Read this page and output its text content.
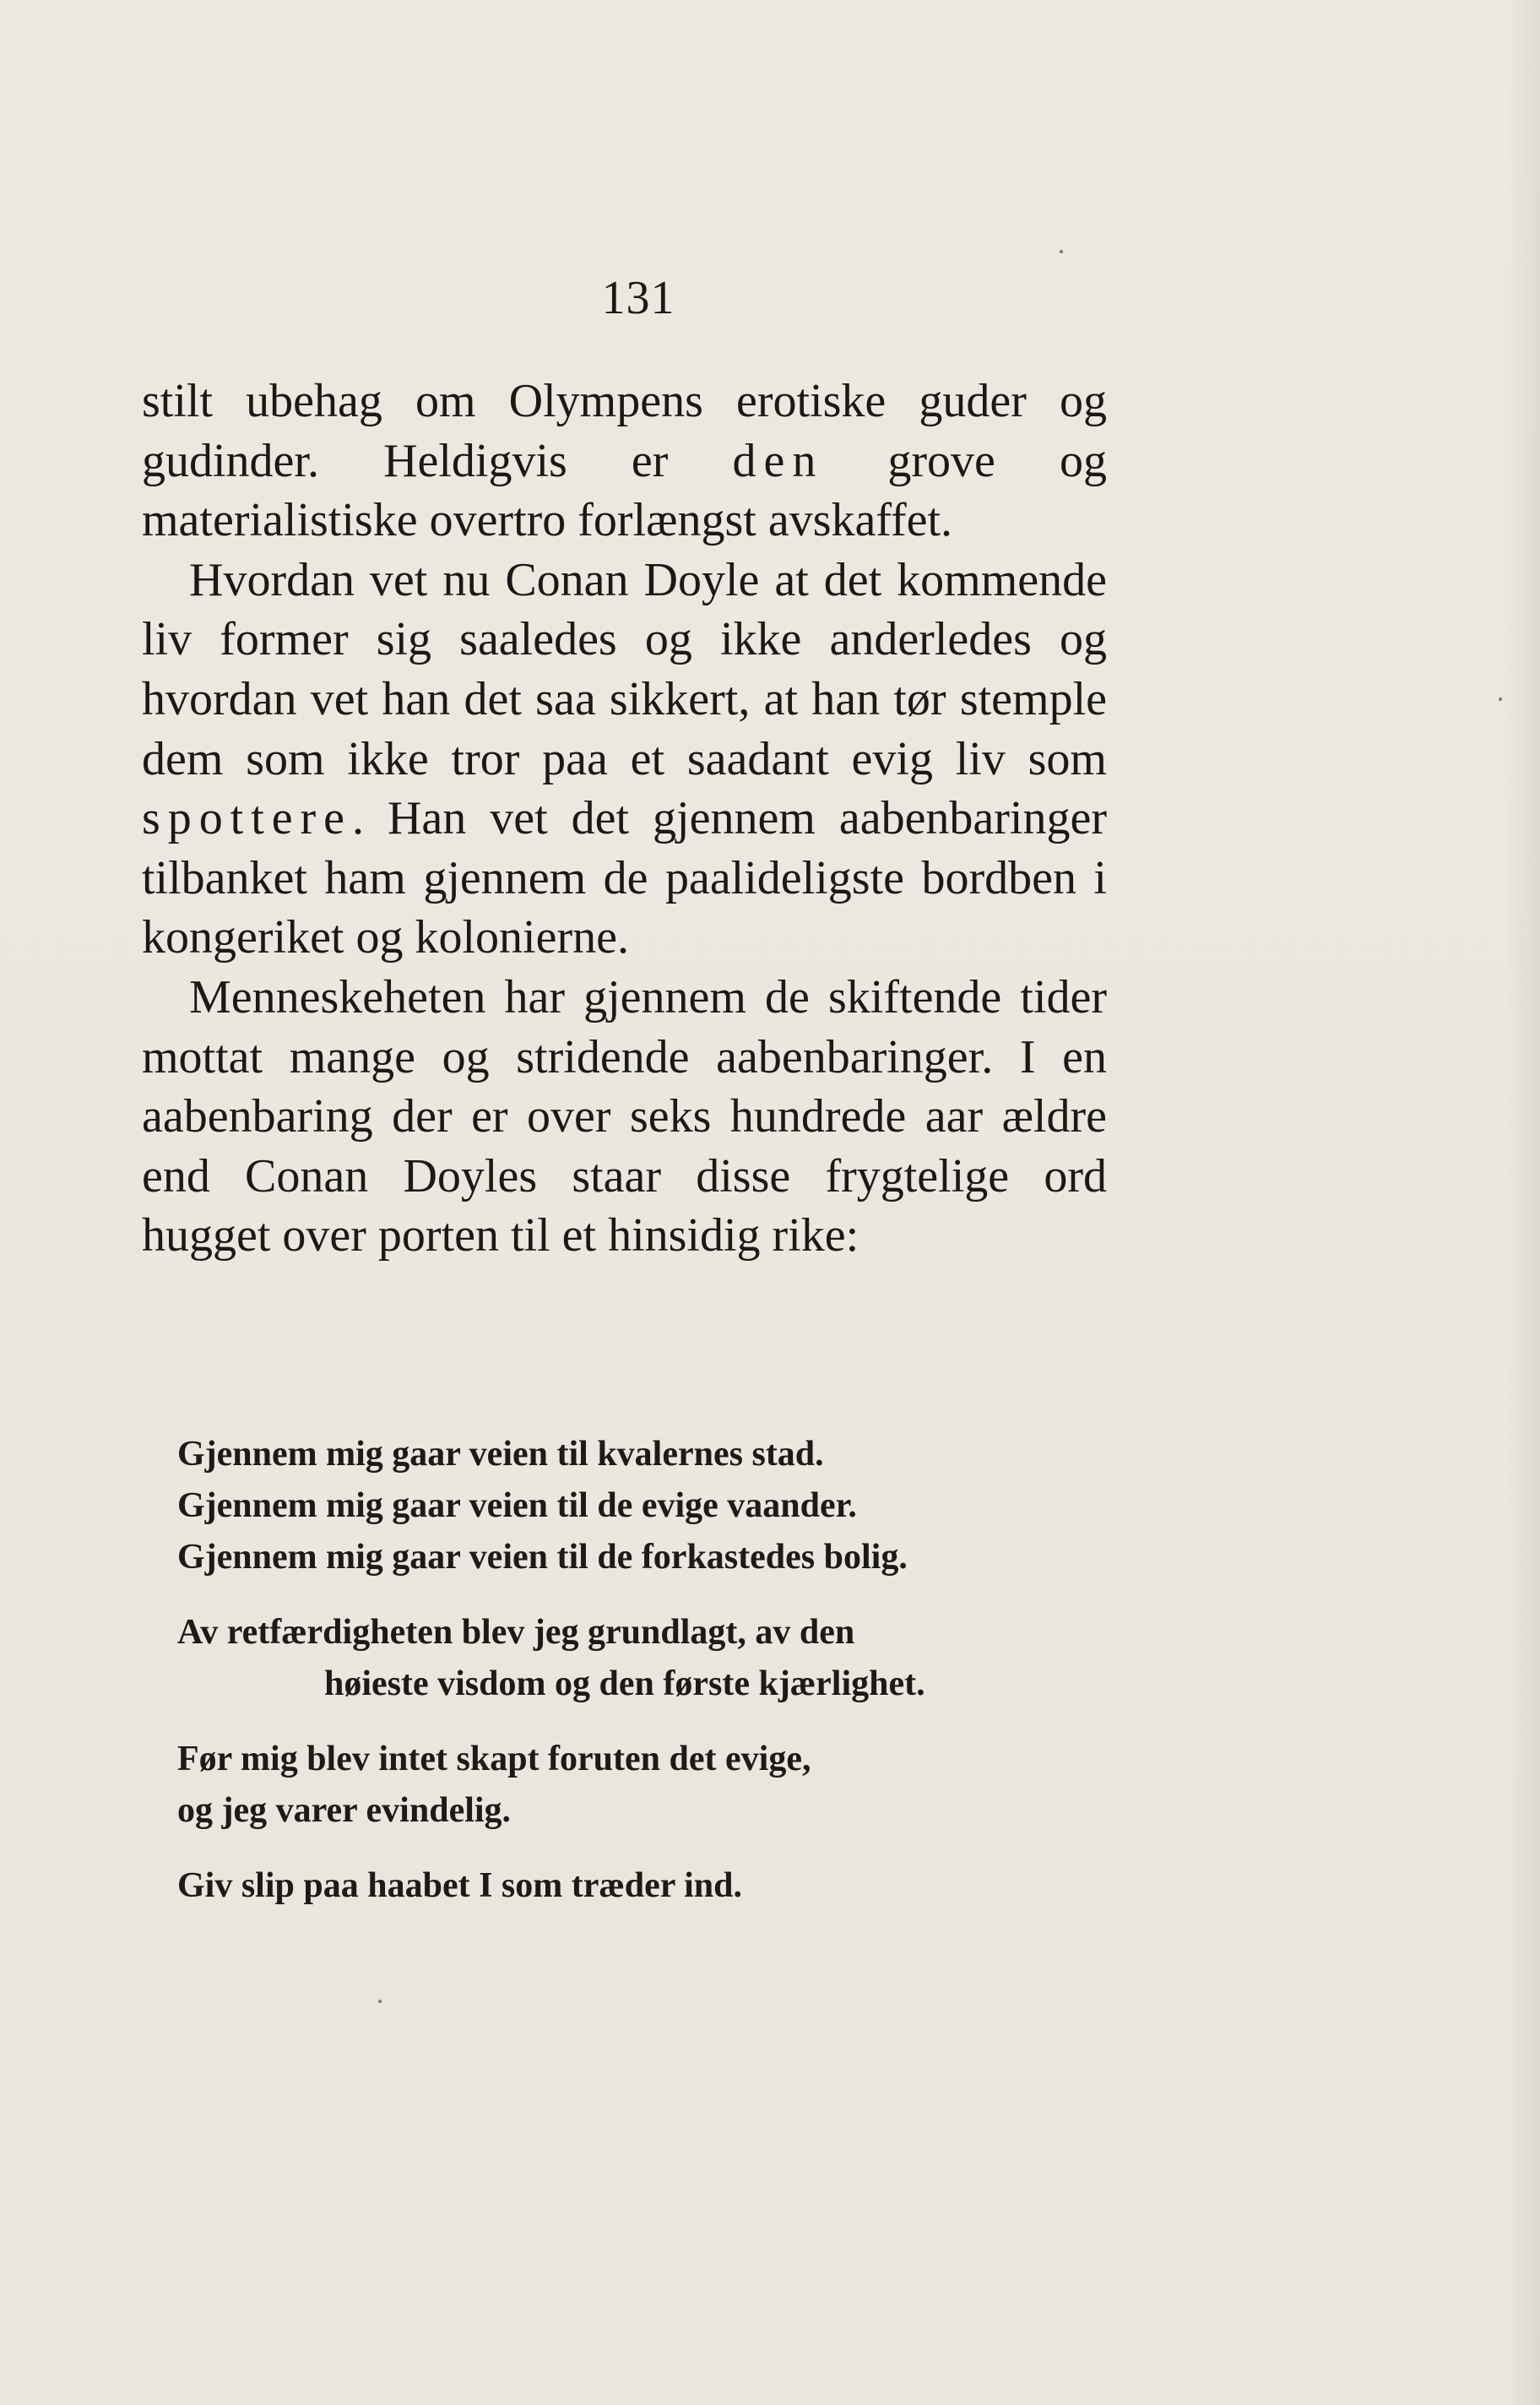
131

stilt ubehag om Olympens erotiske guder og gudinder. Heldigvis er den grove og materialistiske overtro forlængst avskaffet.

Hvordan vet nu Conan Doyle at det kommende liv former sig saaledes og ikke anderledes og hvordan vet han det saa sikkert, at han tør stemple dem som ikke tror paa et saadant evig liv som spottere. Han vet det gjennem aabenbaringer tilbanket ham gjennem de paalideligste bordben i kongeriket og kolonierne.

Menneskeheten har gjennem de skiftende tider mottat mange og stridende aabenbaringer. I en aabenbaring der er over seks hundrede aar ældre end Conan Doyles staar disse frygtelige ord hugget over porten til et hinsidig rike:

Gjennem mig gaar veien til kvalernes stad.
Gjennem mig gaar veien til de evige vaander.
Gjennem mig gaar veien til de forkastedes bolig.
Av retfærdigheten blev jeg grundlagt, av den
høieste visdom og den første kjærlighet.
Før mig blev intet skapt foruten det evige,
og jeg varer evindelig.
Giv slip paa haabet I som træder ind.
